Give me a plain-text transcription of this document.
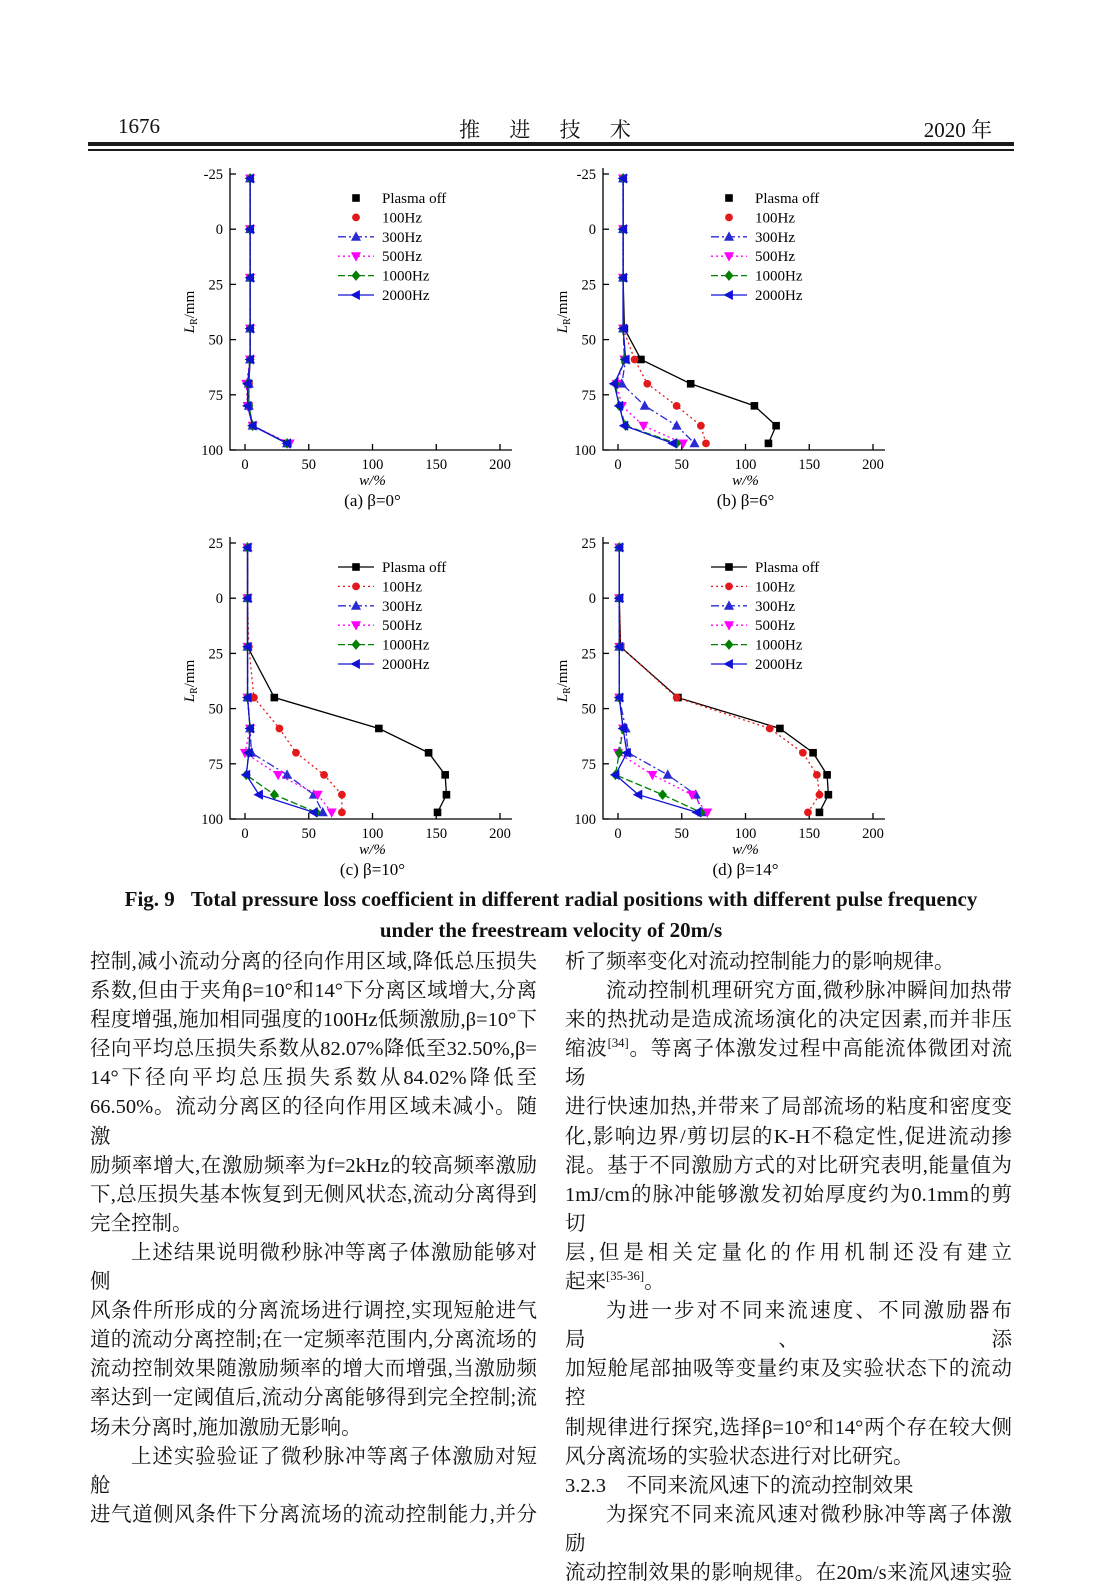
1676	推 进 技 术	2020 年
0	50	100	150	200
-25
0
25
50
75
100
w/%
$L_R/mm$
Plasma off
100Hz
300Hz
500Hz
1000Hz
2000Hz
(a) β=0°
0	50	100	150	200
-25
0
25
50
75
100
w/%
$L_R/mm$
Plasma off
100Hz
300Hz
500Hz
1000Hz
2000Hz
(b) β=6°
0	50	100	150	200
25
0
25
50
75
100
w/%
$L_R/mm$
Plasma off
100Hz
300Hz
500Hz
1000Hz
2000Hz
(c) β=10°
0	50	100	150	200
25
0
25
50
75
100
w/%
$L_R/mm$
Plasma off
100Hz
300Hz
500Hz
1000Hz
2000Hz
(d) β=14°
Fig. 9 Total pressure loss coefficient in different radial positions with different pulse frequency
under the freestream velocity of 20m/s
控制,减小流动分离的径向作用区域,降低总压损失
系数,但由于夹角β=10°和14°下分离区域增大,分离
程度增强,施加相同强度的100Hz低频激励,β=10°下
径向平均总压损失系数从82.07%降低至32.50%,β=
14°下径向平均总压损失系数从84.02%降低至
66.50%。流动分离区的径向作用区域未减小。随激
励频率增大,在激励频率为f=2kHz的较高频率激励
下,总压损失基本恢复到无侧风状态,流动分离得到
完全控制。
上述结果说明微秒脉冲等离子体激励能够对侧
风条件所形成的分离流场进行调控,实现短舱进气
道的流动分离控制;在一定频率范围内,分离流场的
流动控制效果随激励频率的增大而增强,当激励频
率达到一定阈值后,流动分离能够得到完全控制;流
场未分离时,施加激励无影响。
上述实验验证了微秒脉冲等离子体激励对短舱
进气道侧风条件下分离流场的流动控制能力,并分
析了频率变化对流动控制能力的影响规律。
流动控制机理研究方面,微秒脉冲瞬间加热带
来的热扰动是造成流场演化的决定因素,而并非压
缩波[34]。等离子体激发过程中高能流体微团对流场
进行快速加热,并带来了局部流场的粘度和密度变
化,影响边界/剪切层的K-H不稳定性,促进流动掺
混。基于不同激励方式的对比研究表明,能量值为
1mJ/cm的脉冲能够激发初始厚度约为0.1mm的剪切
层,但是相关定量化的作用机制还没有建立
起来[35-36]。
为进一步对不同来流速度、不同激励器布局、添
加短舱尾部抽吸等变量约束及实验状态下的流动控
制规律进行探究,选择β=10°和14°两个存在较大侧
风分离流场的实验状态进行对比研究。
3.2.3　不同来流风速下的流动控制效果
为探究不同来流风速对微秒脉冲等离子体激励
流动控制效果的影响规律。在20m/s来流风速实验
